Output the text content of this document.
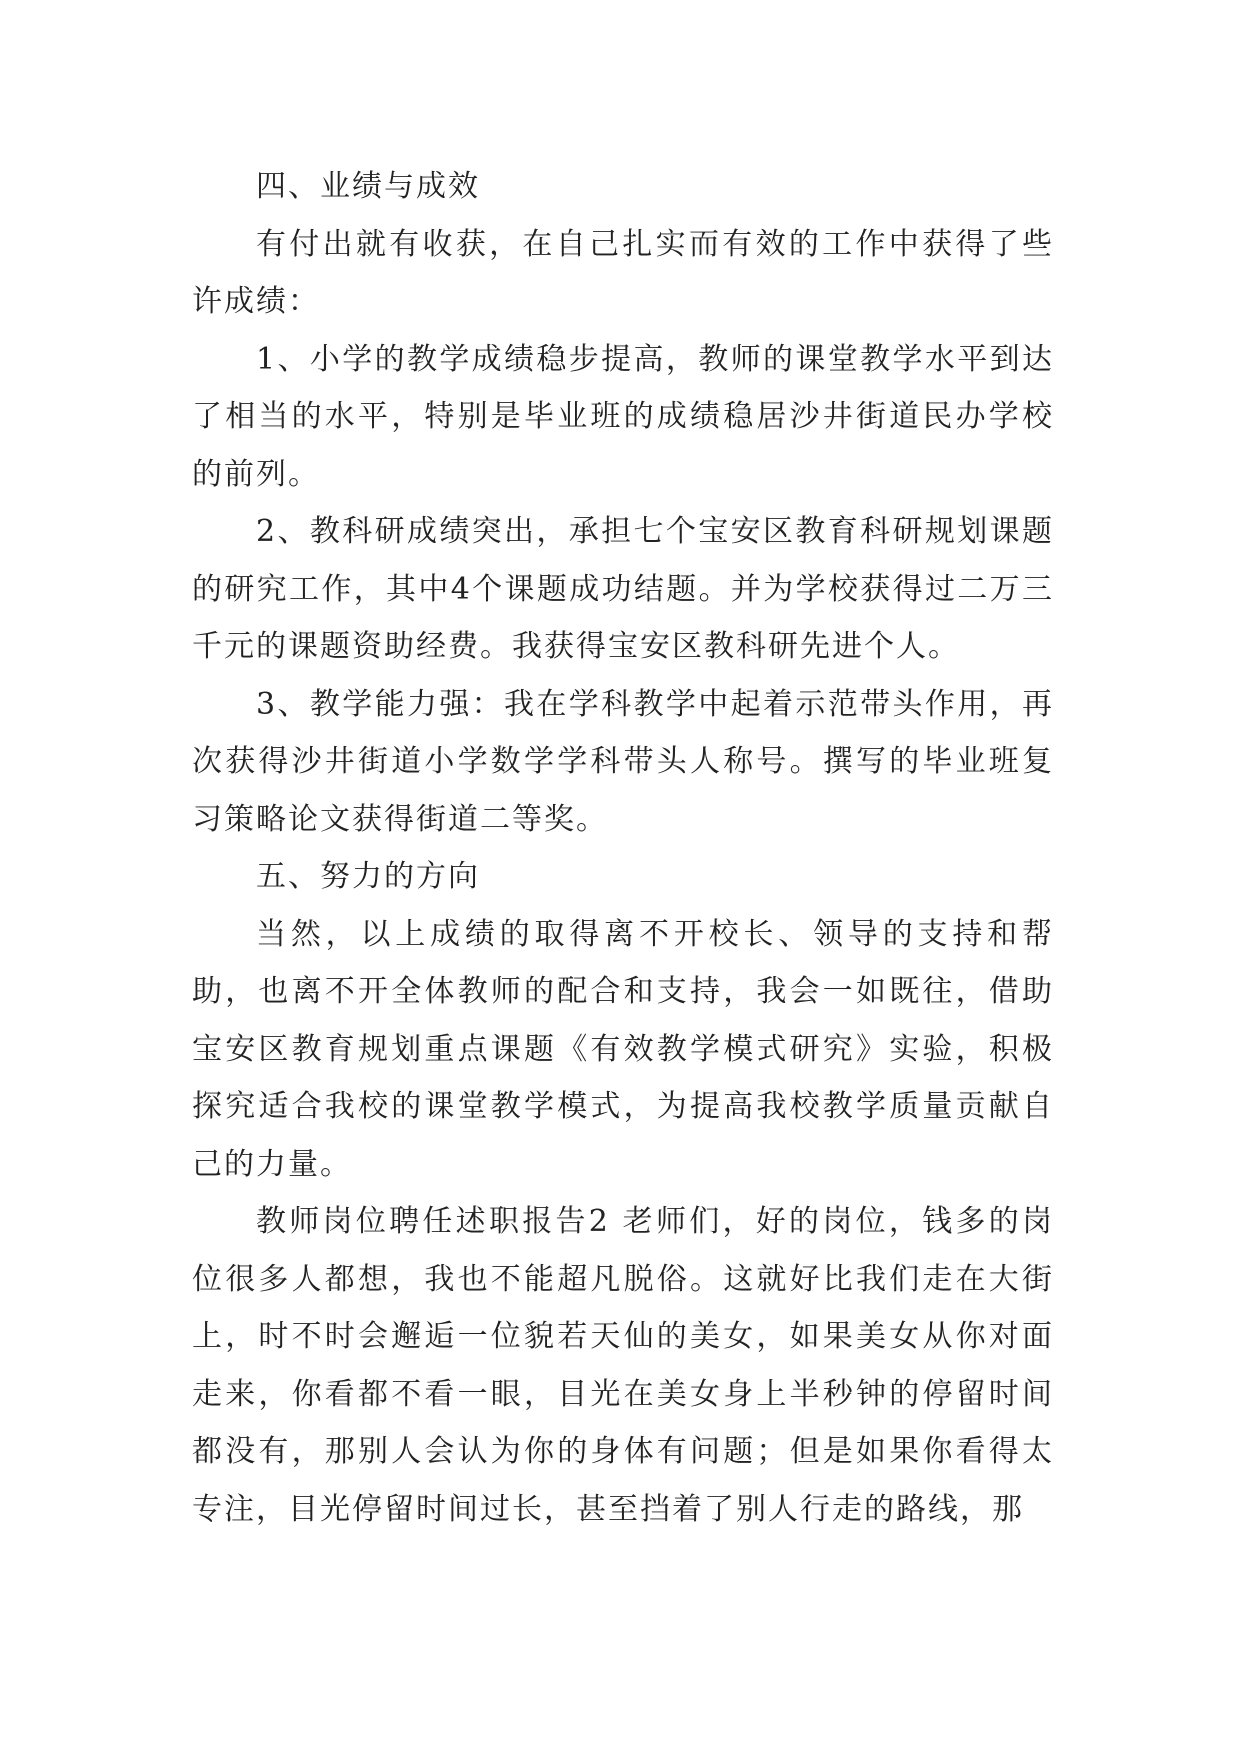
四、业绩与成效

有付出就有收获，在自己扎实而有效的工作中获得了些许成绩：

1、小学的教学成绩稳步提高，教师的课堂教学水平到达了相当的水平，特别是毕业班的成绩稳居沙井街道民办学校的前列。

2、教科研成绩突出，承担七个宝安区教育科研规划课题的研究工作，其中4个课题成功结题。并为学校获得过二万三千元的课题资助经费。我获得宝安区教科研先进个人。

3、教学能力强：我在学科教学中起着示范带头作用，再次获得沙井街道小学数学学科带头人称号。撰写的毕业班复习策略论文获得街道二等奖。

五、努力的方向

当然，以上成绩的取得离不开校长、领导的支持和帮助，也离不开全体教师的配合和支持，我会一如既往，借助宝安区教育规划重点课题《有效教学模式研究》实验，积极探究适合我校的课堂教学模式，为提高我校教学质量贡献自己的力量。

教师岗位聘任述职报告2 老师们，好的岗位，钱多的岗位很多人都想，我也不能超凡脱俗。这就好比我们走在大街上，时不时会邂逅一位貌若天仙的美女，如果美女从你对面走来，你看都不看一眼，目光在美女身上半秒钟的停留时间都没有，那别人会认为你的身体有问题；但是如果你看得太专注，目光停留时间过长，甚至挡着了别人行走的路线，那
